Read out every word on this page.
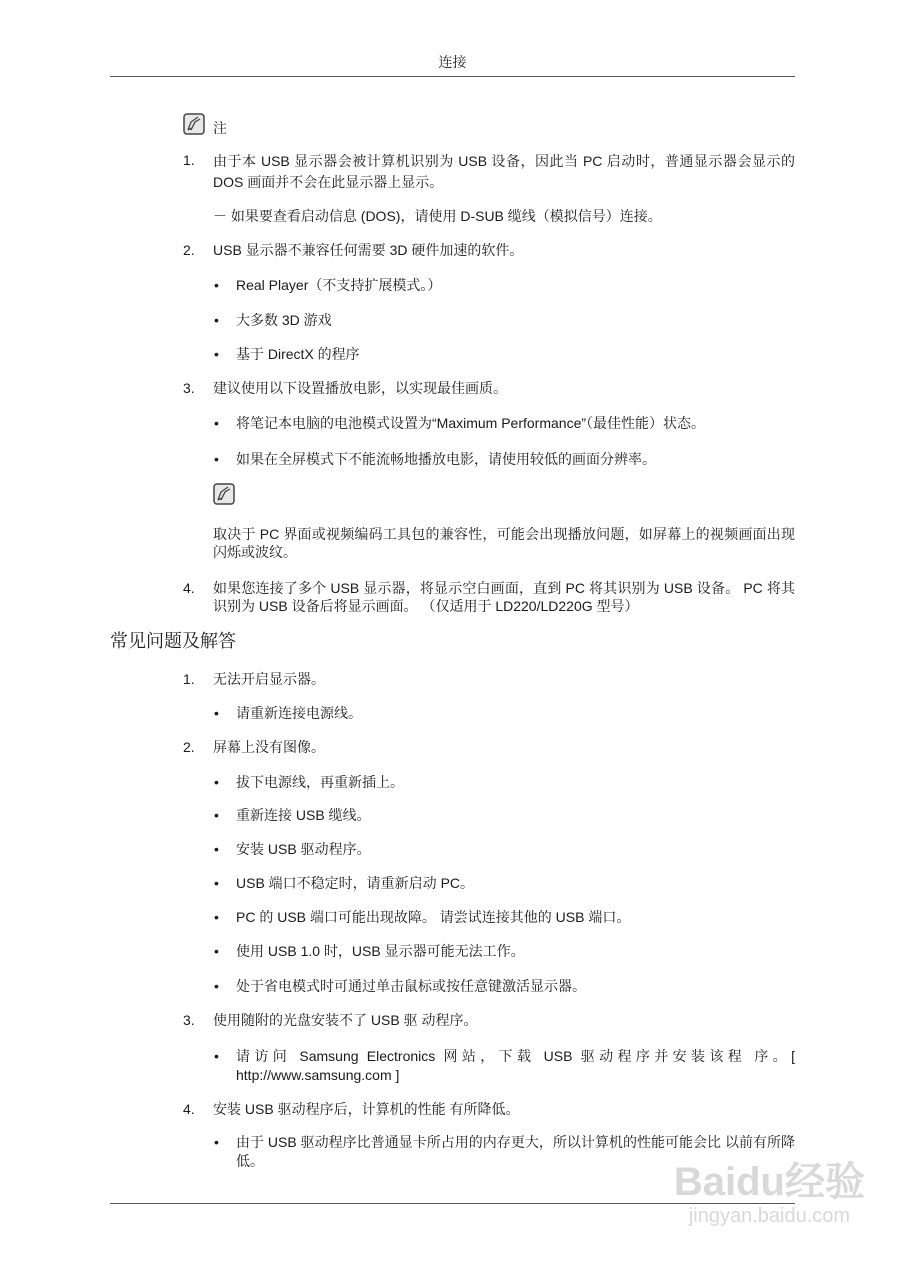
连接
注
1. 由于本 USB 显示器会被计算机识别为 USB 设备，因此当 PC 启动时，普通显示器会显示的 DOS 画面并不会在此显示器上显示。
－ 如果要查看启动信息 (DOS)，请使用 D-SUB 缆线（模拟信号）连接。
2. USB 显示器不兼容任何需要 3D 硬件加速的软件。
• Real Player（不支持扩展模式。）
• 大多数 3D 游戏
• 基于 DirectX 的程序
3. 建议使用以下设置播放电影，以实现最佳画质。
• 将笔记本电脑的电池模式设置为“Maximum Performance”（最佳性能）状态。
• 如果在全屏模式下不能流畅地播放电影，请使用较低的画面分辨率。
取决于 PC 界面或视频编码工具包的兼容性，可能会出现播放问题，如屏幕上的视频画面出现闪烁或波纹。
4. 如果您连接了多个 USB 显示器，将显示空白画面，直到 PC 将其识别为 USB 设备。 PC 将其识别为 USB 设备后将显示画面。 （仅适用于 LD220/LD220G 型号）
常见问题及解答
1. 无法开启显示器。
• 请重新连接电源线。
2. 屏幕上没有图像。
• 拔下电源线，再重新插上。
• 重新连接 USB 缆线。
• 安装 USB 驱动程序。
• USB 端口不稳定时，请重新启动 PC。
• PC 的 USB 端口可能出现故障。 请尝试连接其他的 USB 端口。
• 使用 USB 1.0 时，USB 显示器可能无法工作。
• 处于省电模式时可通过单击鼠标或按任意键激活显示器。
3. 使用随附的光盘安装不了 USB 驱 动程序。
• 请访问 Samsung Electronics 网站，下载 USB 驱动程序并安装该程 序。[ http://www.samsung.com ]
4. 安装 USB 驱动程序后，计算机的性能 有所降低。
• 由于 USB 驱动程序比普通显卡所占用的内存更大，所以计算机的性能可能会比 以前有所降低。	Baidu经验
jingyan.baidu.com
